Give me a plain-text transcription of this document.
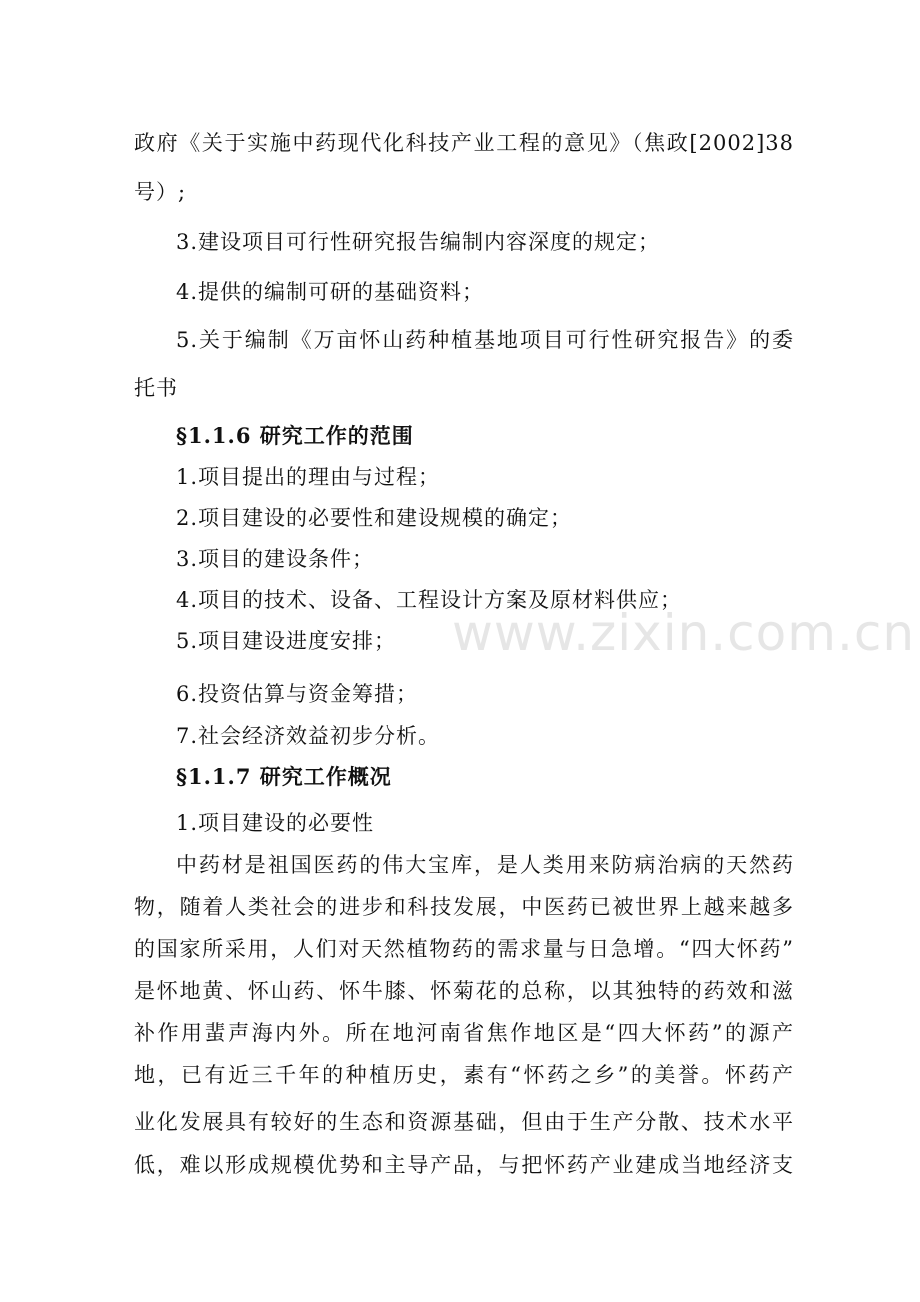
www.zixin.com.cn
政府《关于实施中药现代化科技产业工程的意见》（焦政[2002]38
号）;
3.建设项目可行性研究报告编制内容深度的规定；
4.提供的编制可研的基础资料；
5.关于编制《万亩怀山药种植基地项目可行性研究报告》的委
托书
§1.1.6 研究工作的范围
1.项目提出的理由与过程；
2.项目建设的必要性和建设规模的确定；
3.项目的建设条件；
4.项目的技术、设备、工程设计方案及原材料供应；
5.项目建设进度安排；
6.投资估算与资金筹措；
7.社会经济效益初步分析。
§1.1.7 研究工作概况
1.项目建设的必要性
中药材是祖国医药的伟大宝库，是人类用来防病治病的天然药
物，随着人类社会的进步和科技发展，中医药已被世界上越来越多
的国家所采用，人们对天然植物药的需求量与日急增。“四大怀药”
是怀地黄、怀山药、怀牛膝、怀菊花的总称，以其独特的药效和滋
补作用蜚声海内外。所在地河南省焦作地区是“四大怀药”的源产
地，已有近三千年的种植历史，素有“怀药之乡”的美誉。怀药产
业化发展具有较好的生态和资源基础，但由于生产分散、技术水平
低，难以形成规模优势和主导产品，与把怀药产业建成当地经济支
